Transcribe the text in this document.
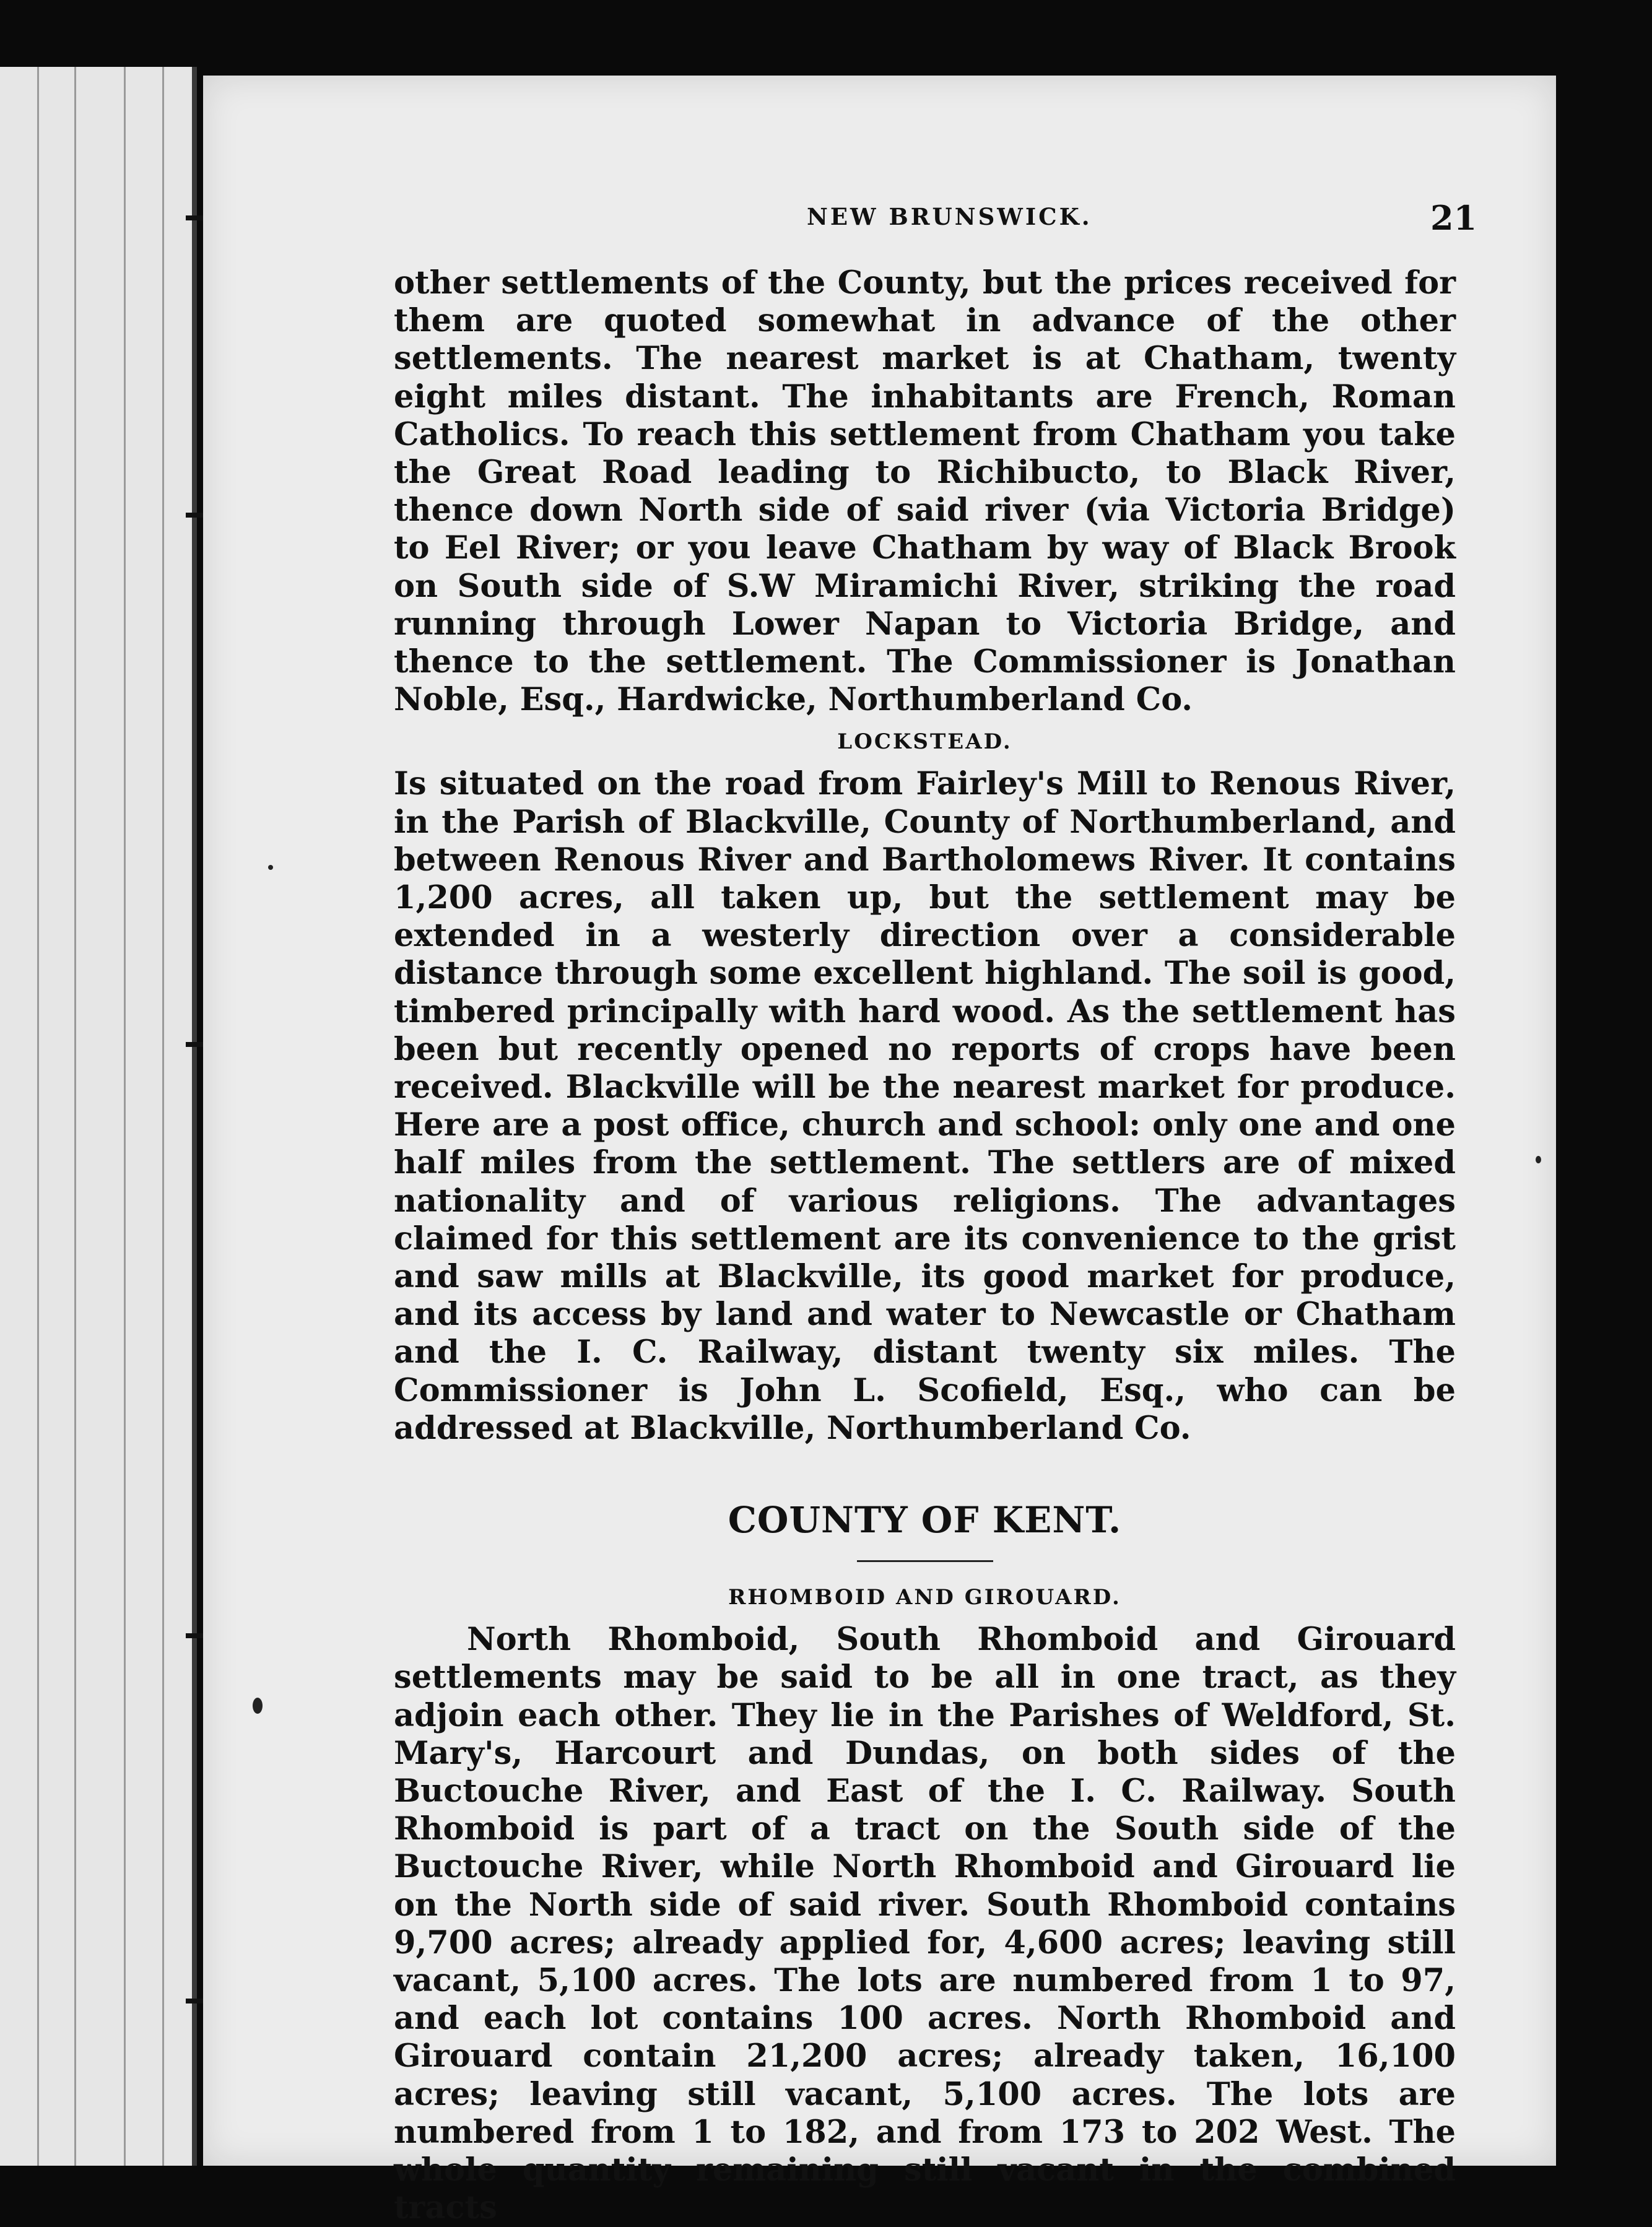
NEW BRUNSWICK.	21

other settlements of the County, but the prices received for them are quoted somewhat in advance of the other settlements. The nearest market is at Chatham, twenty eight miles distant. The inhabitants are French, Roman Catholics. To reach this settlement from Chatham you take the Great Road leading to Richibucto, to Black River, thence down North side of said river (via Victoria Bridge) to Eel River; or you leave Chatham by way of Black Brook on South side of S.W Miramichi River, striking the road running through Lower Napan to Victoria Bridge, and thence to the settlement. The Commissioner is Jonathan Noble, Esq., Hardwicke, Northumberland Co.

LOCKSTEAD.

Is situated on the road from Fairley's Mill to Renous River, in the Parish of Blackville, County of Northumberland, and between Renous River and Bartholomews River. It contains 1,200 acres, all taken up, but the settlement may be extended in a westerly direction over a considerable distance through some excellent highland. The soil is good, timbered principally with hard wood. As the settlement has been but recently opened no reports of crops have been received. Blackville will be the nearest market for produce. Here are a post office, church and school: only one and one half miles from the settlement. The settlers are of mixed nationality and of various religions. The advantages claimed for this settlement are its convenience to the grist and saw mills at Blackville, its good market for produce, and its access by land and water to Newcastle or Chatham and the I. C. Railway, distant twenty six miles. The Commissioner is John L. Scofield, Esq., who can be addressed at Blackville, Northumberland Co.

COUNTY OF KENT.
RHOMBOID AND GIROUARD.

North Rhomboid, South Rhomboid and Girouard settlements may be said to be all in one tract, as they adjoin each other. They lie in the Parishes of Weldford, St. Mary's, Harcourt and Dundas, on both sides of the Buctouche River, and East of the I. C. Railway. South Rhomboid is part of a tract on the South side of the Buctouche River, while North Rhomboid and Girouard lie on the North side of said river. South Rhomboid contains 9,700 acres; already applied for, 4,600 acres; leaving still vacant, 5,100 acres. The lots are numbered from 1 to 97, and each lot contains 100 acres. North Rhomboid and Girouard contain 21,200 acres; already taken, 16,100 acres; leaving still vacant, 5,100 acres. The lots are numbered from 1 to 182, and from 173 to 202 West. The whole quantity remaining still vacant in the combined tracts
